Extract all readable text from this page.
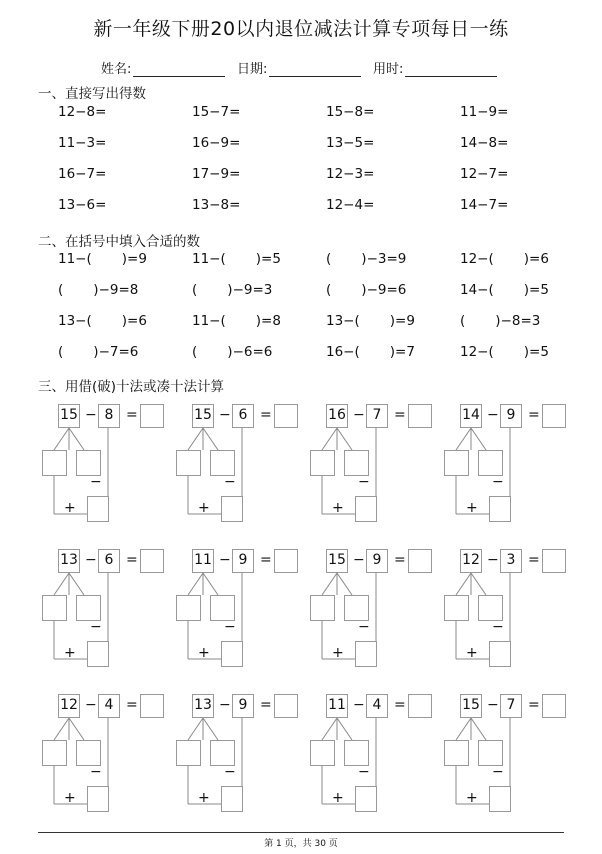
新一年级下册20以内退位减法计算专项每日一练
姓名:	日期:	用时:
一、直接写出得数
12−8=	15−7=	15−8=	11−9=
11−3=	16−9=	13−5=	14−8=
16−7=	17−9=	12−3=	12−7=
13−6=	13−8=	12−4=	14−7=
二、在括号中填入合适的数
11−(       )=9	11−(       )=5	(       )−3=9	12−(       )=6
(       )−9=8	(       )−9=3	(       )−9=6	14−(       )=5
13−(       )=6	11−(       )=8	13−(       )=9	(       )−8=3
(       )−7=6	(       )−6=6	16−(       )=7	12−(       )=5
三、用借(破)十法或凑十法计算
15 − 8 =
−
+
15 − 6 =
−
+
16 − 7 =
−
+
14 − 9 =
−
+
13 − 6 =
−
+
11 − 9 =
−
+
15 − 9 =
−
+
12 − 3 =
−
+
12 − 4 =
−
+
13 − 9 =
−
+
11 − 4 =
−
+
15 − 7 =
−
+
第 1 页，共 30 页
